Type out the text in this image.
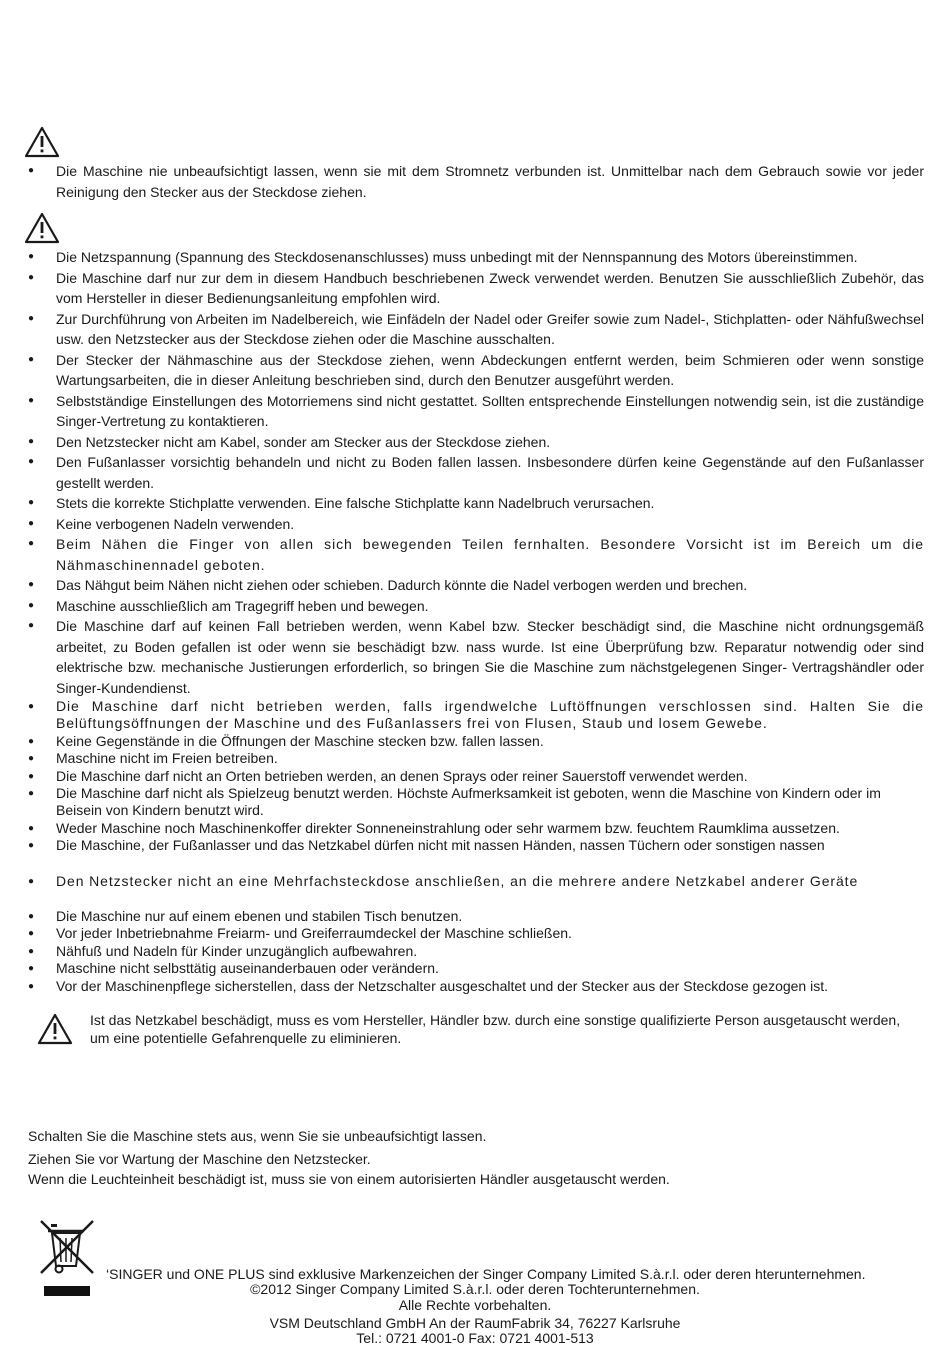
● Die Maschine nie unbeaufsichtigt lassen, wenn sie mit dem Stromnetz verbunden ist. Unmittelbar nach dem Gebrauch sowie vor jeder Reinigung den Stecker aus der Steckdose ziehen.
● Die Netzspannung (Spannung des Steckdosenanschlusses) muss unbedingt mit der Nennspannung des Motors übereinstimmen.
● Die Maschine darf nur zur dem in diesem Handbuch beschriebenen Zweck verwendet werden. Benutzen Sie ausschließlich Zubehör, das vom Hersteller in dieser Bedienungsanleitung empfohlen wird.
● Zur Durchführung von Arbeiten im Nadelbereich, wie Einfädeln der Nadel oder Greifer sowie zum Nadel-, Stichplatten- oder Nähfußwechsel usw. den Netzstecker aus der Steckdose ziehen oder die Maschine ausschalten.
● Der Stecker der Nähmaschine aus der Steckdose ziehen, wenn Abdeckungen entfernt werden, beim Schmieren oder wenn sonstige Wartungsarbeiten, die in dieser Anleitung beschrieben sind, durch den Benutzer ausgeführt werden.
● Selbstständige Einstellungen des Motorriemens sind nicht gestattet. Sollten entsprechende Einstellungen notwendig sein, ist die zuständige Singer-Vertretung zu kontaktieren.
● Den Netzstecker nicht am Kabel, sonder am Stecker aus der Steckdose ziehen.
● Den Fußanlasser vorsichtig behandeln und nicht zu Boden fallen lassen. Insbesondere dürfen keine Gegenstände auf den Fußanlasser gestellt werden.
● Stets die korrekte Stichplatte verwenden. Eine falsche Stichplatte kann Nadelbruch verursachen.
● Keine verbogenen Nadeln verwenden.
● Beim Nähen die Finger von allen sich bewegenden Teilen fernhalten. Besondere Vorsicht ist im Bereich um die Nähmaschinennadel geboten.
● Das Nähgut beim Nähen nicht ziehen oder schieben. Dadurch könnte die Nadel verbogen werden und brechen.
● Maschine ausschließlich am Tragegriff heben und bewegen.
● Die Maschine darf auf keinen Fall betrieben werden, wenn Kabel bzw. Stecker beschädigt sind, die Maschine nicht ordnungsgemäß arbeitet, zu Boden gefallen ist oder wenn sie beschädigt bzw. nass wurde. Ist eine Überprüfung bzw. Reparatur notwendig oder sind elektrische bzw. mechanische Justierungen erforderlich, so bringen Sie die Maschine zum nächstgelegenen Singer- Vertragshändler oder Singer-Kundendienst.
● Die Maschine darf nicht betrieben werden, falls irgendwelche Luftöffnungen verschlossen sind. Halten Sie die Belüftungsöffnungen der Maschine und des Fußanlassers frei von Flusen, Staub und losem Gewebe.
● Keine Gegenstände in die Öffnungen der Maschine stecken bzw. fallen lassen.
● Maschine nicht im Freien betreiben.
● Die Maschine darf nicht an Orten betrieben werden, an denen Sprays oder reiner Sauerstoff verwendet werden.
● Die Maschine darf nicht als Spielzeug benutzt werden. Höchste Aufmerksamkeit ist geboten, wenn die Maschine von Kindern oder im Beisein von Kindern benutzt wird.
● Weder Maschine noch Maschinenkoffer direkter Sonneneinstrahlung oder sehr warmem bzw. feuchtem Raumklima aussetzen.
● Die Maschine, der Fußanlasser und das Netzkabel dürfen nicht mit nassen Händen, nassen Tüchern oder sonstigen nassen
● Den Netzstecker nicht an eine Mehrfachsteckdose anschließen, an die mehrere andere Netzkabel anderer Geräte
● Die Maschine nur auf einem ebenen und stabilen Tisch benutzen.
● Vor jeder Inbetriebnahme Freiarm- und Greiferraumdeckel der Maschine schließen.
● Nähfuß und Nadeln für Kinder unzugänglich aufbewahren.
● Maschine nicht selbsttätig auseinanderbauen oder verändern.
● Vor der Maschinenpflege sicherstellen, dass der Netzschalter ausgeschaltet und der Stecker aus der Steckdose gezogen ist.
Ist das Netzkabel beschädigt, muss es vom Hersteller, Händler bzw. durch eine sonstige qualifizierte Person ausgetauscht werden, um eine potentielle Gefahrenquelle zu eliminieren.
Schalten Sie die Maschine stets aus, wenn Sie sie unbeaufsichtigt lassen.
Ziehen Sie vor Wartung der Maschine den Netzstecker.
Wenn die Leuchteinheit beschädigt ist, muss sie von einem autorisierten Händler ausgetauscht werden.
‘SINGER und ONE PLUS sind exklusive Markenzeichen der Singer Company Limited S.à.r.l. oder deren hterunternehmen.
©2012 Singer Company Limited S.à.r.l. oder deren Tochterunternehmen.
Alle Rechte vorbehalten.
VSM Deutschland GmbH An der RaumFabrik 34, 76227 Karlsruhe
Tel.: 0721 4001-0 Fax: 0721 4001-513
